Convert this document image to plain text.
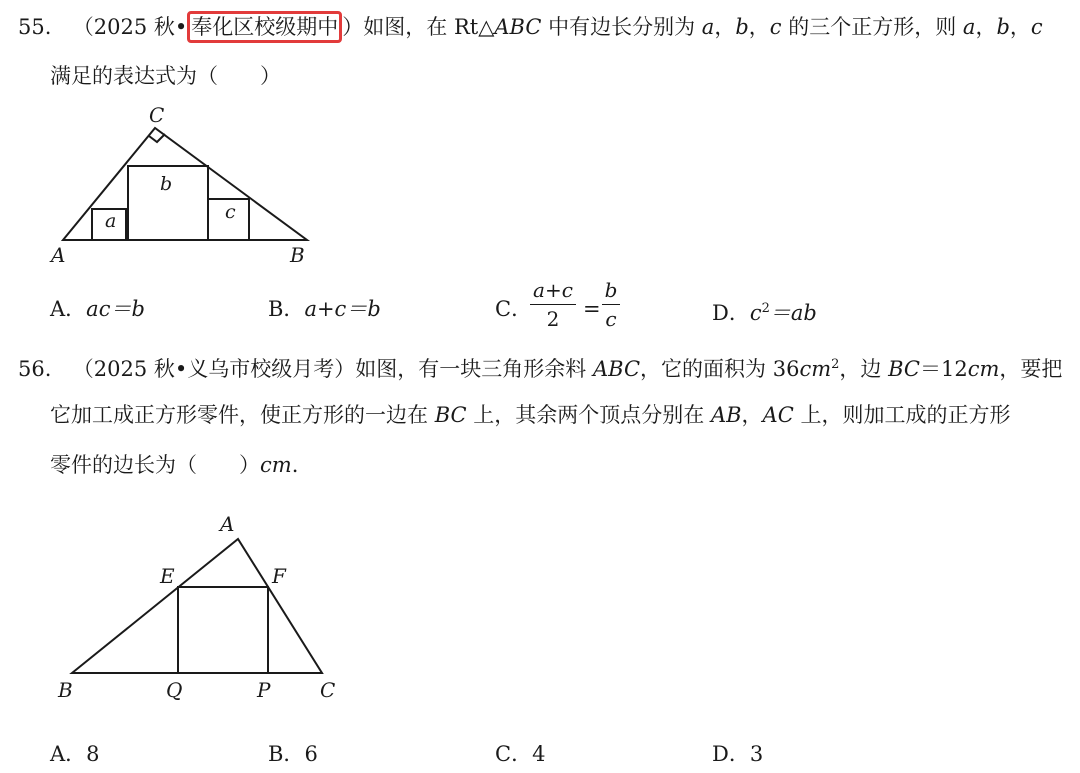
55. （2025 秋• 奉化区校级期中 ）如图，在 Rt△ABC 中有边长分别为 a，b，c 的三个正方形，则 a，b，c
满足的表达式为（　　）
C
A	B
a
b
c
A．ac＝b	B．a+c＝b	C．
a+c
2	=
b
c	D．$c^2=ab$
56. （2025 秋•义乌市校级月考）如图，有一块三角形余料 ABC，它的面积为 $36cm^2$，边 BC＝12cm，要把
它加工成正方形零件，使正方形的一边在 BC 上，其余两个顶点分别在 AB，AC 上，则加工成的正方形
零件的边长为（　　）cm.
A
E	F
B	Q	P C
A．8	B．6	C．4	D．3
